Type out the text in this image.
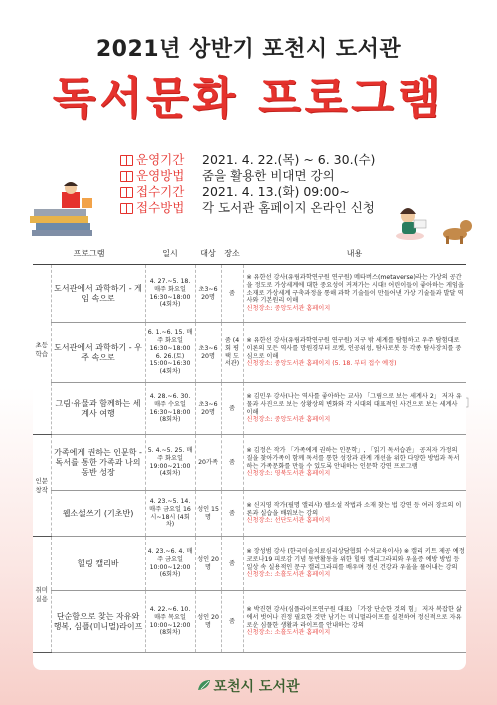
2021년 상반기 포천시 도서관
독서문화 프로그램
운영기간 2021. 4. 22.(목) ~ 6. 30.(수)
운영방법 줌을 활용한 비대면 강의
접수기간 2021. 4. 13.(화) 09:00~
접수방법 각 도서관 홈페이지 온라인 신청
프로그램		일시	대상	장소	내용
초등 학습	도서관에서 과학하기 - 게임 속으로	4. 27.~5. 18. 매주 화요일 16:30~18:00 (4회차)	초3~6 20명	줌	※ 유한선 강사(유림과학연구원 연구원) 메타버스(metaverse)라는 가상의 공간을 정도로 가상세계에 대한 중요성이 커져가는 시대! 어린이들이 좋아하는 게임을 소재로 가상세계 구축과정을 통해 과학 기술들이 만들어낸 가상 기술들과 발달 역사와 기본원리 이해
신청장소: 중앙도서관 홈페이지

	도서관에서 과학하기 - 우주 속으로	6. 1.~6. 15. 매주 화요일 16:30~18:00 6. 26.(토) 15:00~16:30 (4회차)	초3~6 20명	줌 (4회 평택 도서관)	※ 유한선 강사(유림과학연구원 연구원) 지구 밖 세계를 탐험하고 우주 탐험대로 이론의 모든 역사를 망원경부터 로켓, 인공위성, 탐사로봇 등 각종 탐사장치를 중심으로 이해
신청장소: 중앙도서관 홈페이지 (5. 18. 부터 접수 예정)

	그림·유물과 함께하는 세계사 여행	4. 28.~6. 30. 매주 수요일 16:30~18:00 (8회차)	초3~6 20명	줌	※ 김민우 강사(나는 역사를 좋아하는 교사) 「그림으로 보는 세계사 2」 저자 유물과 사진으로 보는 상황상의 변화와 각 시대의 대표적인 사건으로 보는 세계사 이해
신청장소: 중앙도서관 홈페이지

인문 창작	가족에게 권하는 인문학 - 독서를 통한 가족과 나의 동반 성장	5. 4.~5. 25. 매주 화요일 19:00~21:00 (4회차)	20가족	줌	※ 김정은 작가 「가족에게 권하는 인문학」, 「읽기 독서습관」 공저자 가정의 질을 찾아가족이 함께 독서를 통한 성장과 관계 개선을 위한 다양한 방법과 독서하는 가족문화를 만들 수 있도록 안내하는 인문학 강연 프로그램
신청장소: 영북도서관 홈페이지

	웹소설쓰기 (기초반)	4. 23.~5. 14. 매주 금요일 16시~18시 (4회차)	성인 15명	줌	※ 신지영 작가(필명 앨리샤) 웹소설 작법과 소재 찾는 법 강연 등 여러 장르의 이론과 실습을 배워보는 강의
신청장소: 선단도서관 홈페이지

취미 실용	힐링 캘리바	4. 23.~6. 4. 매주 금요일 10:00~12:00 (6회차)	성인 20명	줌	※ 장성범 강사 (한국미술치료심리상담협회 수석교육이사) ※ 캘리 키트 제공 예정 코로나19 피로감 기념 동반활동을 위한 힐링 캘리그라피와 우울증 예방 방법 등 일상 속 실용적인 문구 캘리그라피를 배우며 정신 건강과 우울을 풀어내는 강의
신청장소: 소흘도서관 홈페이지

	단순함으로 찾는 자유와 행복, 심플(미니멀)라이프	4. 22.~6. 10. 매주 목요일 10:00~12:00 (8회차)	성인 20명	줌	※ 박진현 강사(심플라이프연구원 대표) 「가장 단순한 것의 힘」 저자 복잡한 삶에서 벗어나 진정 필요한 것만 남기는 미니멀라이프를 실천하여 정신적으로 자유로운 심플한 생활과 라이프를 안내하는 강의
신청장소: 소흘도서관 홈페이지
포천시 도서관
